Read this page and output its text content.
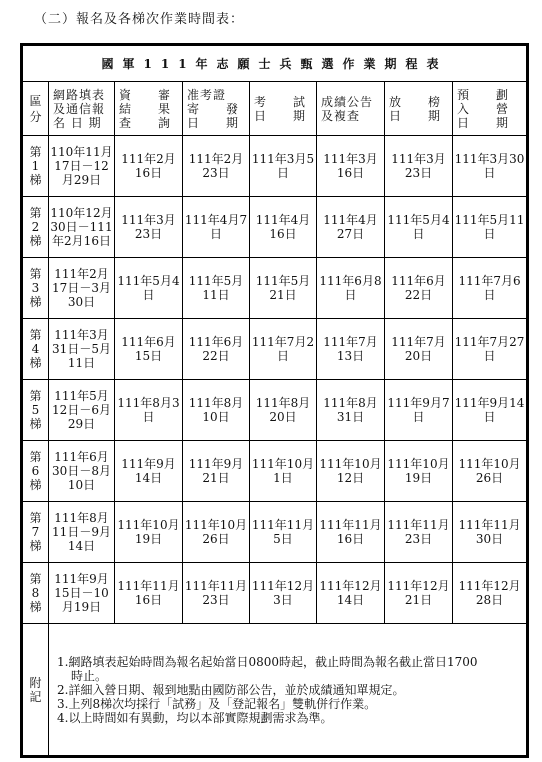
（二）報名及各梯次作業時間表：
國軍111年志願士兵甄選作業期程表							

區
分	網路填表
及通信報
名 日 期	資　　審
結　　果
查　　詢	准考證
寄　　發
日　　期	考　　試
日　　期	成績公告
及複查	放　　榜
日　　期	預　　劃
入　　營
日　　期

第
1
梯	110年11月17日－12月29日	111年2月16日	111年2月23日	111年3月5日	111年3月16日	111年3月23日	111年3月30日

第
2
梯	110年12月30日－111年2月16日	111年3月23日	111年4月7日	111年4月16日	111年4月27日	111年5月4日	111年5月11日

第
3
梯	111年2月17日－3月30日	111年5月4日	111年5月11日	111年5月21日	111年6月8日	111年6月22日	111年7月6日

第
4
梯	111年3月31日－5月11日	111年6月15日	111年6月22日	111年7月2日	111年7月13日	111年7月20日	111年7月27日

第
5
梯	111年5月12日－6月29日	111年8月3日	111年8月10日	111年8月20日	111年8月31日	111年9月7日	111年9月14日

第
6
梯	111年6月30日－8月10日	111年9月14日	111年9月21日	111年10月1日	111年10月12日	111年10月19日	111年10月26日

第
7
梯	111年8月11日－9月14日	111年10月19日	111年10月26日	111年11月5日	111年11月16日	111年11月23日	111年11月30日

第
8
梯	111年9月15日－10月19日	111年11月16日	111年11月23日	111年12月3日	111年12月14日	111年12月21日	111年12月28日

附
記	1.網路填表起始時間為報名起始當日0800時起，截止時間為報名截止當日1700
時止。
2.詳細入營日期、報到地點由國防部公告，並於成績通知單規定。
3.上列8梯次均採行「試務」及「登記報名」雙軌併行作業。
4.以上時間如有異動，均以本部實際規劃需求為準。						
